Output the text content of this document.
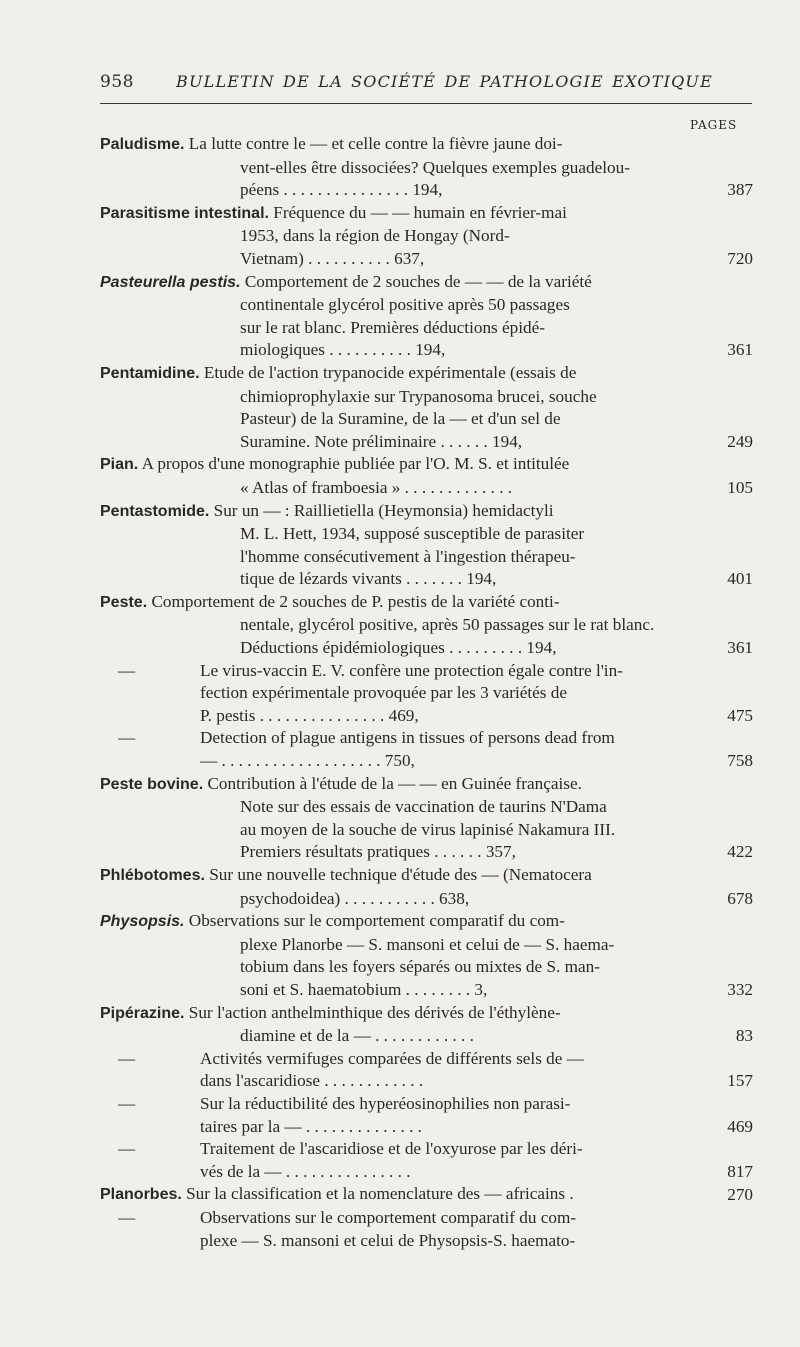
958	BULLETIN DE LA SOCIÉTÉ DE PATHOLOGIE EXOTIQUE
PAGES
Paludisme. La lutte contre le — et celle contre la fièvre jaune doi-
vent-elles être dissociées? Quelques exemples guadelou-
péens . . . . . . . . . . . . . . . 194,	387
Parasitisme intestinal. Fréquence du — — humain en février-mai
1953, dans la région de Hongay (Nord-
Vietnam) . . . . . . . . . . 637,	720
Pasteurella pestis. Comportement de 2 souches de — — de la variété
continentale glycérol positive après 50 passages
sur le rat blanc. Premières déductions épidé-
miologiques . . . . . . . . . . 194,	361
Pentamidine. Etude de l'action trypanocide expérimentale (essais de
chimioprophylaxie sur Trypanosoma brucei, souche
Pasteur) de la Suramine, de la — et d'un sel de
Suramine. Note préliminaire . . . . . . 194,	249
Pian. A propos d'une monographie publiée par l'O. M. S. et intitulée
« Atlas of framboesia » . . . . . . . . . . . . .	105
Pentastomide. Sur un — : Raillietiella (Heymonsia) hemidactyli
M. L. Hett, 1934, supposé susceptible de parasiter
l'homme consécutivement à l'ingestion thérapeu-
tique de lézards vivants . . . . . . . 194,	401
Peste. Comportement de 2 souches de P. pestis de la variété conti-
nentale, glycérol positive, après 50 passages sur le rat blanc.
Déductions épidémiologiques . . . . . . . . . 194,	361
—	Le virus-vaccin E. V. confère une protection égale contre l'in-
fection expérimentale provoquée par les 3 variétés de
P. pestis . . . . . . . . . . . . . . . 469,	475
—	Detection of plague antigens in tissues of persons dead from
— . . . . . . . . . . . . . . . . . . . 750,	758
Peste bovine. Contribution à l'étude de la — — en Guinée française.
Note sur des essais de vaccination de taurins N'Dama
au moyen de la souche de virus lapinisé Nakamura III.
Premiers résultats pratiques . . . . . . 357,	422
Phlébotomes. Sur une nouvelle technique d'étude des — (Nematocera
psychodoidea) . . . . . . . . . . . 638,	678
Physopsis. Observations sur le comportement comparatif du com-
plexe Planorbe — S. mansoni et celui de — S. haema-
tobium dans les foyers séparés ou mixtes de S. man-
soni et S. haematobium . . . . . . . . 3,	332
Pipérazine. Sur l'action anthelminthique des dérivés de l'éthylène-
diamine et de la — . . . . . . . . . . . .	83
—	Activités vermifuges comparées de différents sels de —
dans l'ascaridiose . . . . . . . . . . . .	157
—	Sur la réductibilité des hyperéosinophilies non parasi-
taires par la — . . . . . . . . . . . . . .	469
—	Traitement de l'ascaridiose et de l'oxyurose par les déri-
vés de la — . . . . . . . . . . . . . . .	817
Planorbes. Sur la classification et la nomenclature des — africains .	270
—	Observations sur le comportement comparatif du com-
plexe — S. mansoni et celui de Physopsis-S. haemato-
